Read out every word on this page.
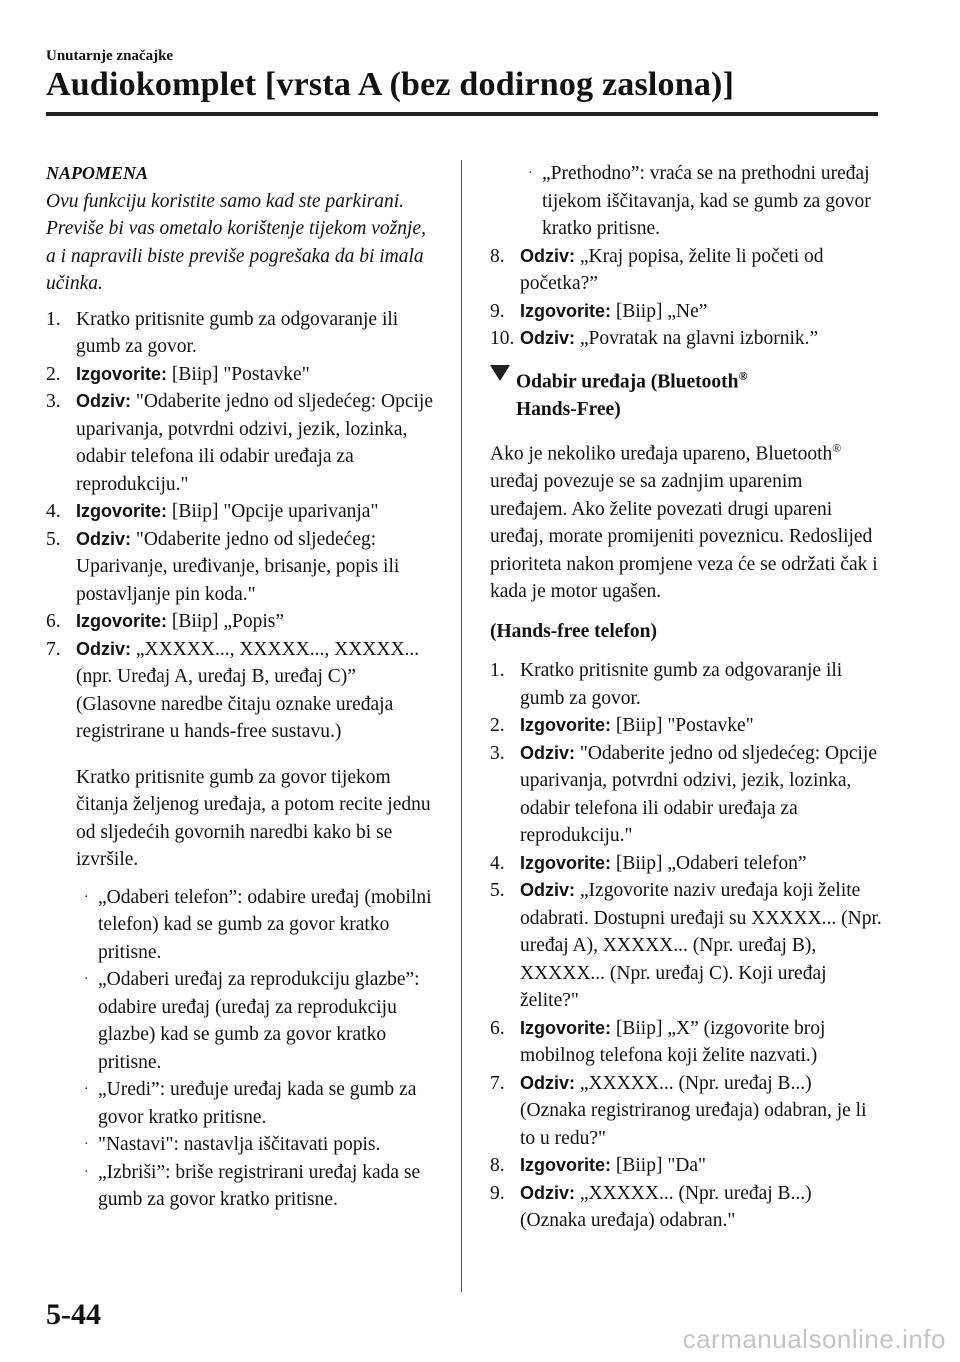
Unutarnje značajke
Audiokomplet [vrsta A (bez dodirnog zaslona)]
NAPOMENA
Ovu funkciju koristite samo kad ste parkirani. Previše bi vas ometalo korištenje tijekom vožnje, a i napravili biste previše pogrešaka da bi imala učinka.
1. Kratko pritisnite gumb za odgovaranje ili gumb za govor.
2. Izgovorite: [Biip] "Postavke"
3. Odziv: "Odaberite jedno od sljedećeg: Opcije uparivanja, potvrdni odzivi, jezik, lozinka, odabir telefona ili odabir uređaja za reprodukciju."
4. Izgovorite: [Biip] "Opcije uparivanja"
5. Odziv: "Odaberite jedno od sljedećeg: Uparivanje, uređivanje, brisanje, popis ili postavljanje pin koda."
6. Izgovorite: [Biip] „Popis”
7. Odziv: „XXXXX..., XXXXX..., XXXXX... (npr. Uređaj A, uređaj B, uređaj C)” (Glasovne naredbe čitaju oznake uređaja registrirane u hands-free sustavu.)
Kratko pritisnite gumb za govor tijekom čitanja željenog uređaja, a potom recite jednu od sljedećih govornih naredbi kako bi se izvršile.
· „Odaberi telefon”: odabire uređaj (mobilni telefon) kad se gumb za govor kratko pritisne.
· „Odaberi uređaj za reprodukciju glazbe”: odabire uređaj (uređaj za reprodukciju glazbe) kad se gumb za govor kratko pritisne.
· „Uredi”: uređuje uređaj kada se gumb za govor kratko pritisne.
· "Nastavi": nastavlja iščitavati popis.
· „Izbriši”: briše registrirani uređaj kada se gumb za govor kratko pritisne.
· „Prethodno”: vraća se na prethodni uređaj tijekom iščitavanja, kad se gumb za govor kratko pritisne.
8. Odziv: „Kraj popisa, želite li početi od početka?”
9. Izgovorite: [Biip] „Ne”
10. Odziv: „Povratak na glavni izbornik.”
Odabir uređaja (Bluetooth®
Hands-Free)
Ako je nekoliko uređaja upareno, Bluetooth® uređaj povezuje se sa zadnjim uparenim uređajem. Ako želite povezati drugi upareni uređaj, morate promijeniti poveznicu. Redoslijed prioriteta nakon promjene veza će se održati čak i kada je motor ugašen.
(Hands-free telefon)
1. Kratko pritisnite gumb za odgovaranje ili gumb za govor.
2. Izgovorite: [Biip] "Postavke"
3. Odziv: "Odaberite jedno od sljedećeg: Opcije uparivanja, potvrdni odzivi, jezik, lozinka, odabir telefona ili odabir uređaja za reprodukciju."
4. Izgovorite: [Biip] „Odaberi telefon”
5. Odziv: „Izgovorite naziv uređaja koji želite odabrati. Dostupni uređaji su XXXXX... (Npr. uređaj A), XXXXX... (Npr. uređaj B), XXXXX... (Npr. uređaj C). Koji uređaj želite?"
6. Izgovorite: [Biip] „X” (izgovorite broj mobilnog telefona koji želite nazvati.)
7. Odziv: „XXXXX... (Npr. uređaj B...) (Oznaka registriranog uređaja) odabran, je li to u redu?"
8. Izgovorite: [Biip] "Da"
9. Odziv: „XXXXX... (Npr. uređaj B...) (Oznaka uređaja) odabran."
5-44
carmanualsonline.info
